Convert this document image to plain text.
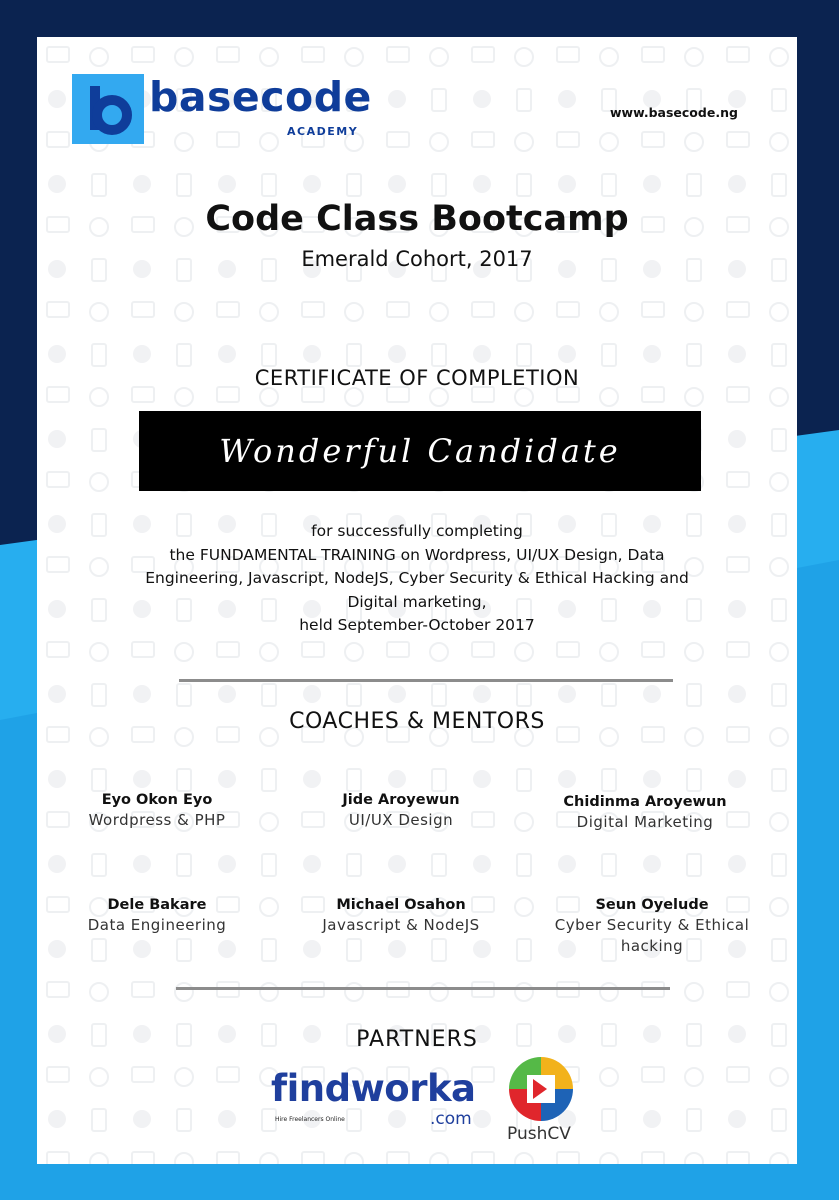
basecode
ACADEMY
www.basecode.ng
Code Class Bootcamp
Emerald Cohort, 2017
CERTIFICATE OF COMPLETION
Wonderful Candidate
for successfully completing
the FUNDAMENTAL TRAINING on Wordpress, UI/UX Design, Data
Engineering, Javascript, NodeJS, Cyber Security & Ethical Hacking and
Digital marketing,
held September-October 2017
COACHES & MENTORS
Eyo Okon Eyo
Wordpress & PHP
Jide Aroyewun
UI/UX Design
Chidinma Aroyewun
Digital Marketing
Dele Bakare
Data Engineering
Michael Osahon
Javascript & NodeJS
Seun Oyelude
Cyber Security & Ethical hacking
PARTNERS
findworka
Hire Freelancers Online	.com
PushCV
